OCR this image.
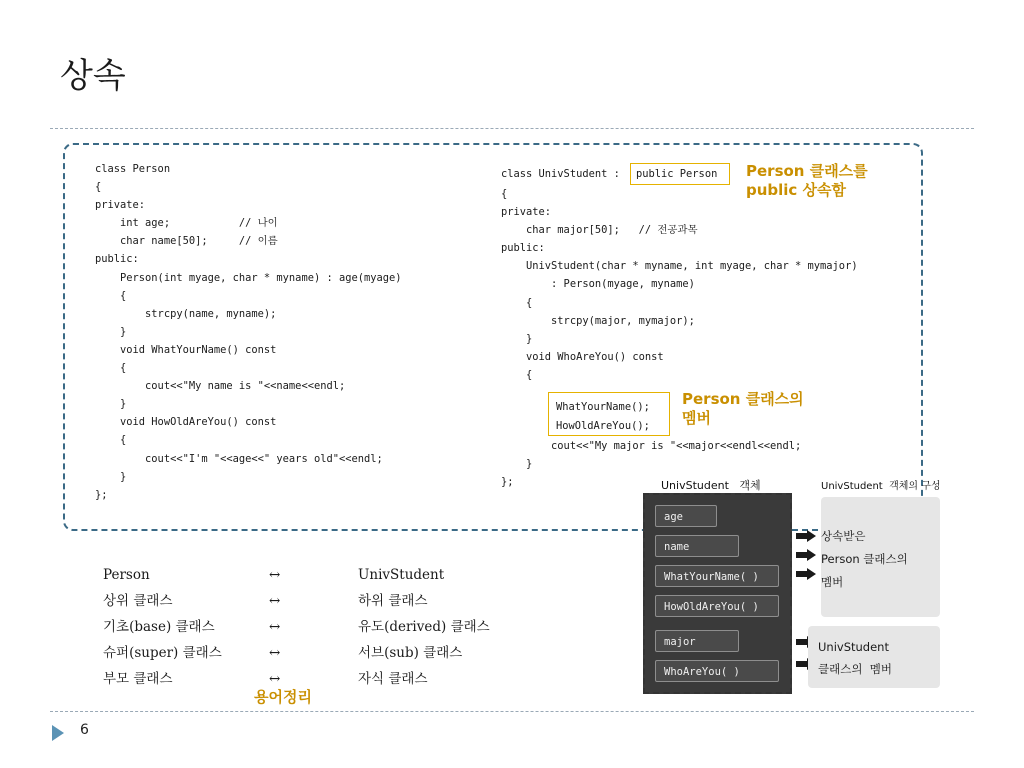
상속
class Person
{
private:
int age;           // 나이
char name[50];     // 이름
public:
Person(int myage, char * myname) : age(myage)
{
strcpy(name, myname);
}
void WhatYourName() const
{
cout<<"My name is "<<name<<endl;
}
void HowOldAreYou() const
{
cout<<"I'm "<<age<<" years old"<<endl;
}
};
class UnivStudent : public Person
{
private:
char major[50];   // 전공과목
public:
UnivStudent(char * myname, int myage, char * mymajor)
: Person(myage, myname)
{
strcpy(major, mymajor);
}
void WhoAreYou() const
{
WhatYourName();
HowOldAreYou();
cout<<"My major is "<<major<<endl<<endl;
}
};
Person 클래스를
public 상속함
Person 클래스의
멤버
Person
상위 클래스
기초(base) 클래스
슈퍼(super) 클래스
부모 클래스
↔
↔
↔
↔
↔
UnivStudent
하위 클래스
유도(derived) 클래스
서브(sub) 클래스
자식 클래스
용어정리
UnivStudent   객체	UnivStudent  객체의 구성
age
name
WhatYourName( )
HowOldAreYou( )
major
WhoAreYou( )
상속받은
Person 클래스의
멤버
UnivStudent
클래스의  멤버
6
